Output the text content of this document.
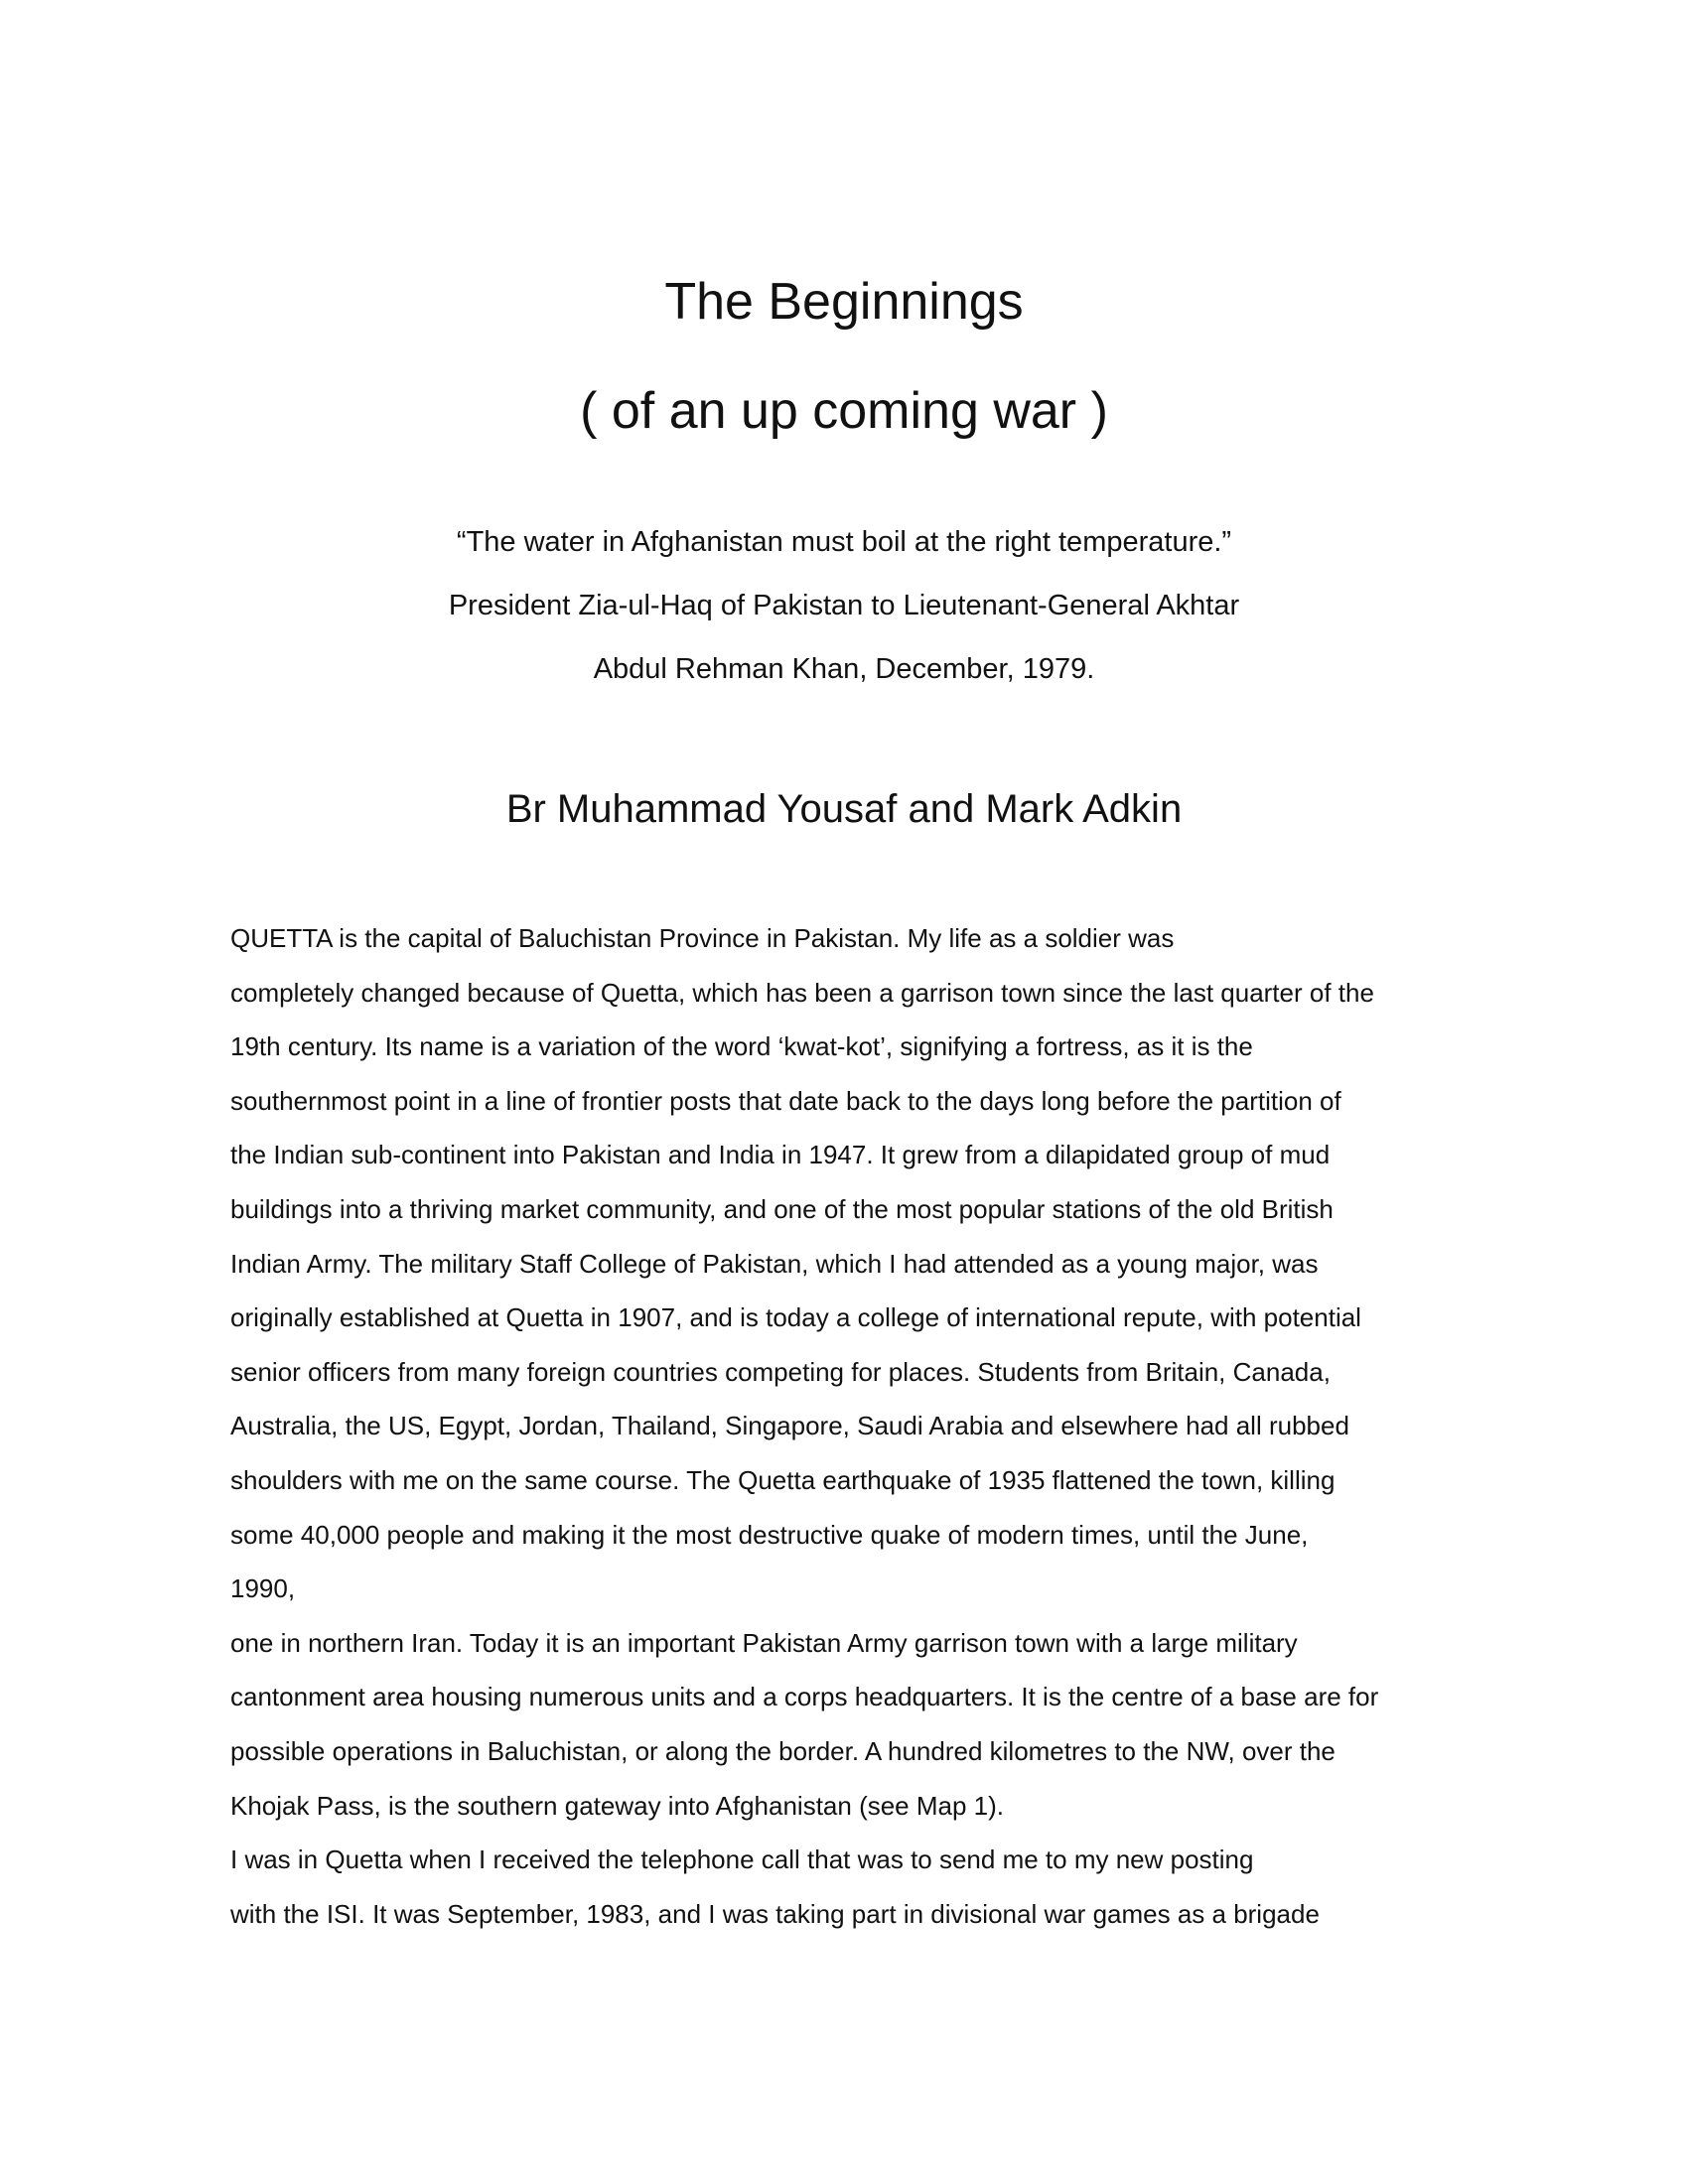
The Beginnings
( of an up coming war )
“The water in Afghanistan must boil at the right temperature.”
President Zia-ul-Haq of Pakistan to Lieutenant-General Akhtar
Abdul Rehman Khan, December, 1979.
Br Muhammad Yousaf and Mark Adkin
QUETTA is the capital of Baluchistan Province in Pakistan. My life as a soldier was
completely changed because of Quetta, which has been a garrison town since the last quarter of the
19th century. Its name is a variation of the word ‘kwat-kot’, signifying a fortress, as it is the
southernmost point in a line of frontier posts that date back to the days long before the partition of
the Indian sub-continent into Pakistan and India in 1947. It grew from a dilapidated group of mud
buildings into a thriving market community, and one of the most popular stations of the old British
Indian Army. The military Staff College of Pakistan, which I had attended as a young major, was
originally established at Quetta in 1907, and is today a college of international repute, with potential
senior officers from many foreign countries competing for places. Students from Britain, Canada,
Australia, the US, Egypt, Jordan, Thailand, Singapore, Saudi Arabia and elsewhere had all rubbed
shoulders with me on the same course. The Quetta earthquake of 1935 flattened the town, killing
some 40,000 people and making it the most destructive quake of modern times, until the June,
1990,
one in northern Iran. Today it is an important Pakistan Army garrison town with a large military
cantonment area housing numerous units and a corps headquarters. It is the centre of a base are for
possible operations in Baluchistan, or along the border. A hundred kilometres to the NW, over the
Khojak Pass, is the southern gateway into Afghanistan (see Map 1).
I was in Quetta when I received the telephone call that was to send me to my new posting
with the ISI. It was September, 1983, and I was taking part in divisional war games as a brigade
